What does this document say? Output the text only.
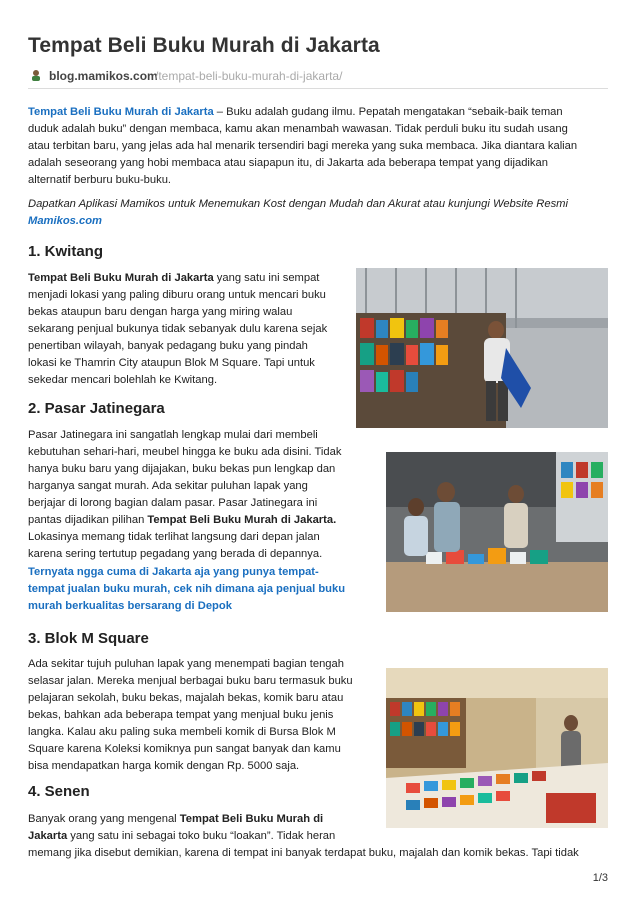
Tempat Beli Buku Murah di Jakarta
blog.mamikos.com
/tempat-beli-buku-murah-di-jakarta/
Tempat Beli Buku Murah di Jakarta – Buku adalah gudang ilmu. Pepatah mengatakan “sebaik-baik teman
duduk adalah buku” dengan membaca, kamu akan menambah wawasan. Tidak perduli buku itu sudah usang
atau terbitan baru, yang jelas ada hal menarik tersendiri bagi mereka yang suka membaca. Jika diantara kalian
adalah seseorang yang hobi membaca atau siapapun itu, di Jakarta ada beberapa tempat yang dijadikan
alternatif berburu buku-buku.
Dapatkan Aplikasi Mamikos untuk Menemukan Kost dengan Mudah dan Akurat atau kunjungi Website Resmi
Mamikos.com
1. Kwitang
Tempat Beli Buku Murah di Jakarta yang satu ini sempat
menjadi lokasi yang paling diburu orang untuk mencari buku
bekas ataupun baru dengan harga yang miring walau
sekarang penjual bukunya tidak sebanyak dulu karena sejak
penertiban wilayah, banyak pedagang buku yang pindah
lokasi ke Thamrin City ataupun Blok M Square. Tapi untuk
sekedar mencari bolehlah ke Kwitang.
2. Pasar Jatinegara
Pasar Jatinegara ini sangatlah lengkap mulai dari membeli
kebutuhan sehari-hari, meubel hingga ke buku ada disini. Tidak
hanya buku baru yang dijajakan, buku bekas pun lengkap dan
harganya sangat murah. Ada sekitar puluhan lapak yang
berjajar di lorong bagian dalam pasar. Pasar Jatinegara ini
pantas dijadikan pilihan Tempat Beli Buku Murah di Jakarta.
Lokasinya memang tidak terlihat langsung dari depan jalan
karena sering tertutup pegadang yang berada di depannya.
Ternyata ngga cuma di Jakarta aja yang punya tempat-
tempat jualan buku murah, cek nih dimana aja penjual buku
murah berkualitas bersarang di Depok
3. Blok M Square
Ada sekitar tujuh puluhan lapak yang menempati bagian tengah
selasar jalan. Mereka menjual berbagai buku baru termasuk buku
pelajaran sekolah, buku bekas, majalah bekas, komik baru atau
bekas, bahkan ada beberapa tempat yang menjual buku jenis
langka. Kalau aku paling suka membeli komik di Bursa Blok M
Square karena Koleksi komiknya pun sangat banyak dan kamu
bisa mendapatkan harga komik dengan Rp. 5000 saja.
4. Senen
Banyak orang yang mengenal Tempat Beli Buku Murah di
Jakarta yang satu ini sebagai toko buku “loakan”. Tidak heran
memang jika disebut demikian, karena di tempat ini banyak terdapat buku, majalah dan komik bekas. Tapi tidak
1/3
